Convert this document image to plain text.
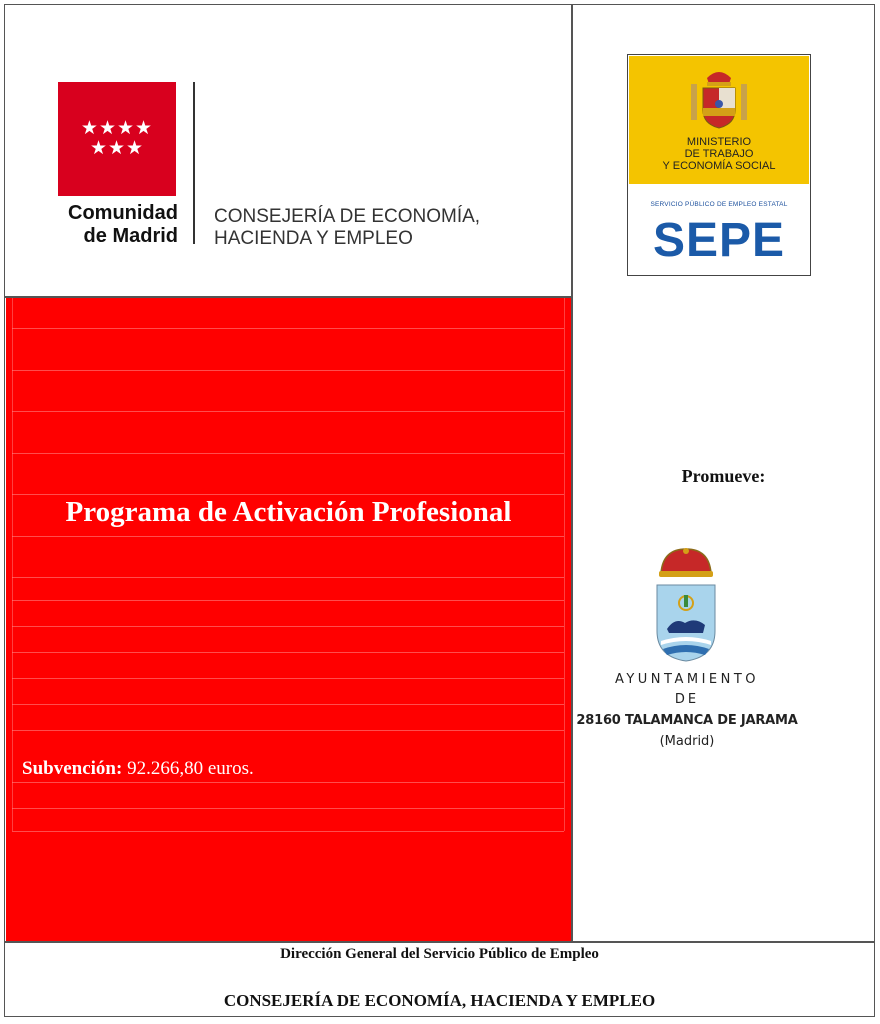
★★★★
★★★
Comunidad
de Madrid
CONSEJERÍA DE ECONOMÍA,
HACIENDA Y EMPLEO
Programa de Activación Profesional
Subvención: 92.266,80 euros.
MINISTERIO
DE TRABAJO
Y ECONOMÍA SOCIAL
SERVICIO PÚBLICO DE EMPLEO ESTATAL
SEPE
Promueve:
AYUNTAMIENTO
DE
28160 TALAMANCA DE JARAMA
(Madrid)
Dirección General del Servicio Público de Empleo
CONSEJERÍA DE ECONOMÍA, HACIENDA Y EMPLEO
